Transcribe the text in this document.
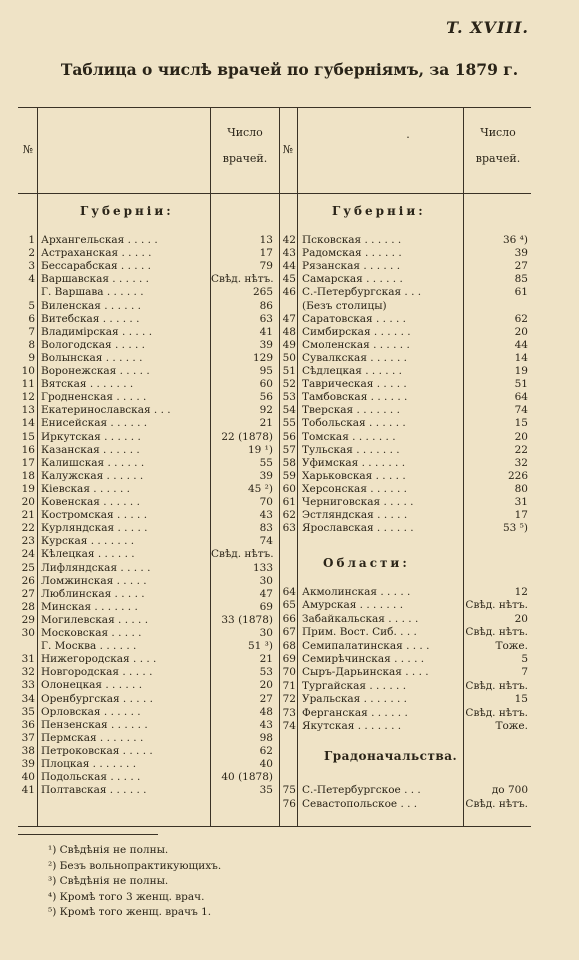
T. XVIII.
Таблица о числѣ врачей по губерніямъ, за 1879 г.
№
Число врачей.
№
.	Число врачей.
Губерніи:	Губерніи:
Области:
Градоначальства.
1 Архангельская . . . . .	13
2 Астраханская . . . . .	17
3 Бессарабская . . . . .	79
4 Варшавская . . . . . .	Свѣд. нѣтъ.
Г. Варшава . . . . . .	265
5 Виленская . . . . . .	86
6 Витебская . . . . . .	63
7 Владимірская . . . . .	41
8 Вологодская . . . . .	39
9 Волынская . . . . . .	129
10 Воронежская . . . . .	95
11 Вятская . . . . . . .	60
12 Гродненская . . . . .	56
13 Екатеринославская . . .	92
14 Енисейская . . . . . .	21
15 Иркутская . . . . . .	22 (1878)
16 Казанская . . . . . .	19 ¹)
17 Калишская . . . . . .	55
18 Калужская . . . . . .	39
19 Кіевская . . . . . .	45 ²)
20 Ковенская . . . . . .	70
21 Костромская . . . . .	43
22 Курляндская . . . . .	83
23 Курская . . . . . . .	74
24 Кѣлецкая . . . . . .	Свѣд. нѣтъ.
25 Лифляндская . . . . .	133
26 Ломжинская . . . . .	30
27 Люблинская . . . . .	47
28 Минская . . . . . . .	69
29 Могилевская . . . . .	33 (1878)
30 Московская . . . . .	30
Г. Москва . . . . . .	51 ³)
31 Нижегородская . . . .	21
32 Новгородская . . . . .	53
33 Олонецкая . . . . . .	20
34 Оренбургская . . . . .	27
35 Орловская . . . . . .	48
36 Пензенская . . . . . .	43
37 Пермская . . . . . . .	98
38 Петроковская . . . . .	62
39 Плоцкая . . . . . . .	40
40 Подольская . . . . .	40 (1878)
41 Полтавская . . . . . .	35
42 Псковская . . . . . .	36 ⁴)
43 Радомская . . . . . .	39
44 Рязанская . . . . . .	27
45 Самарская . . . . . .	85
46 С.-Петербургская . . .	61
(Безъ столицы)
47 Саратовская . . . . .	62
48 Симбирская . . . . . .	20
49 Смоленская . . . . . .	44
50 Сувалкская . . . . . .	14
51 Сѣдлецкая . . . . . .	19
52 Таврическая . . . . .	51
53 Тамбовская . . . . . .	64
54 Тверская . . . . . . .	74
55 Тобольская . . . . . .	15
56 Томская . . . . . . .	20
57 Тульская . . . . . . .	22
58 Уфимская . . . . . . .	32
59 Харьковская . . . . .	226
60 Херсонская . . . . . .	80
61 Черниговская . . . . .	31
62 Эстляндская . . . . .	17
63 Ярославская . . . . . .	53 ⁵)
64 Акмолинская . . . . .	12
65 Амурская . . . . . . .	Свѣд. нѣтъ.
66 Забайкальская . . . . .	20
67 Прим. Вост. Сиб. . . .	Свѣд. нѣтъ.
68 Семипалатинская . . . .	Тоже.
69 Семирѣчинская . . . . .	5
70 Сыръ-Дарьинская . . . .	7
71 Тургайская . . . . . .	Свѣд. нѣтъ.
72 Уральская . . . . . . .	15
73 Ферганская . . . . . .	Свѣд. нѣтъ.
74 Якутская . . . . . . .	Тоже.
75 С.-Петербургское . . .	до 700
76 Севастопольское . . .	Свѣд. нѣтъ.
¹) Свѣдѣнія не полны.
²) Безъ вольнопрактикующихъ.
³) Свѣдѣнія не полны.
⁴) Кромѣ того 3 женщ. врач.
⁵) Кромѣ того женщ. врачъ 1.
